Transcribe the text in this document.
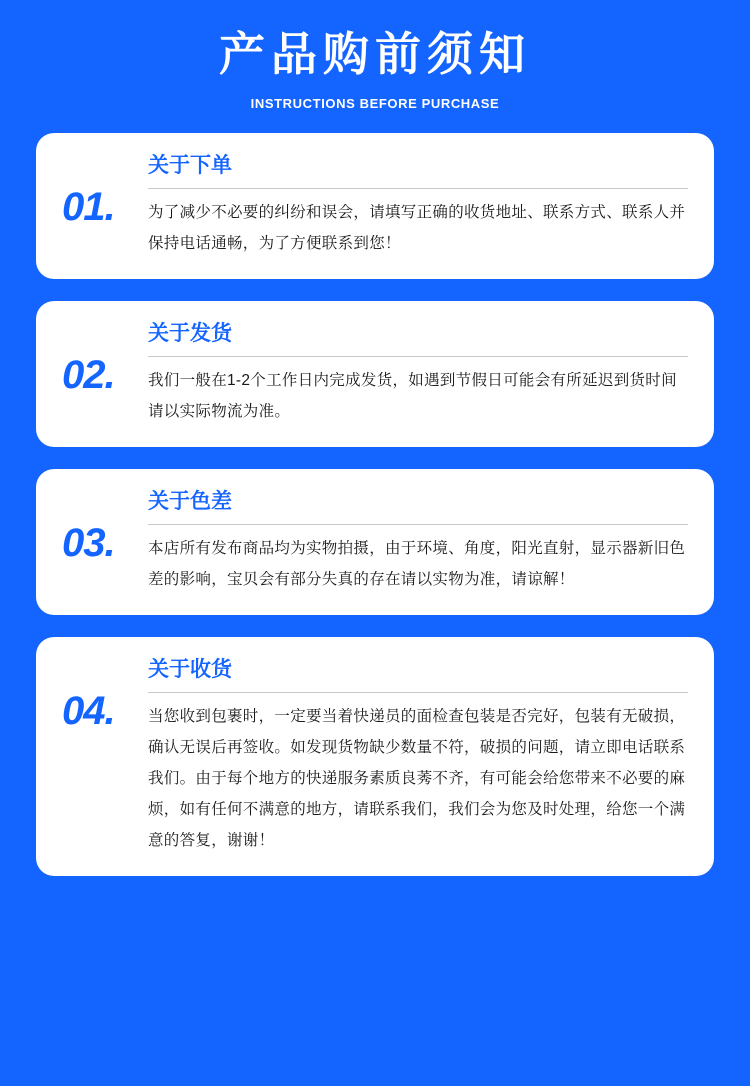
产品购前须知
INSTRUCTIONS BEFORE PURCHASE
01.
关于下单
为了减少不必要的纠纷和误会，请填写正确的收货地址、联系方式、联系人并保持电话通畅，为了方便联系到您！
02.
关于发货
我们一般在1-2个工作日内完成发货，如遇到节假日可能会有所延迟到货时间请以实际物流为准。
03.
关于色差
本店所有发布商品均为实物拍摄，由于环境、角度，阳光直射，显示器新旧色差的影响，宝贝会有部分失真的存在请以实物为准，请谅解！
04.
关于收货
当您收到包裹时，一定要当着快递员的面检查包装是否完好，包装有无破损，确认无误后再签收。如发现货物缺少数量不符，破损的问题，请立即电话联系我们。由于每个地方的快递服务素质良莠不齐，有可能会给您带来不必要的麻烦，如有任何不满意的地方，请联系我们，我们会为您及时处理，给您一个满意的答复，谢谢！
